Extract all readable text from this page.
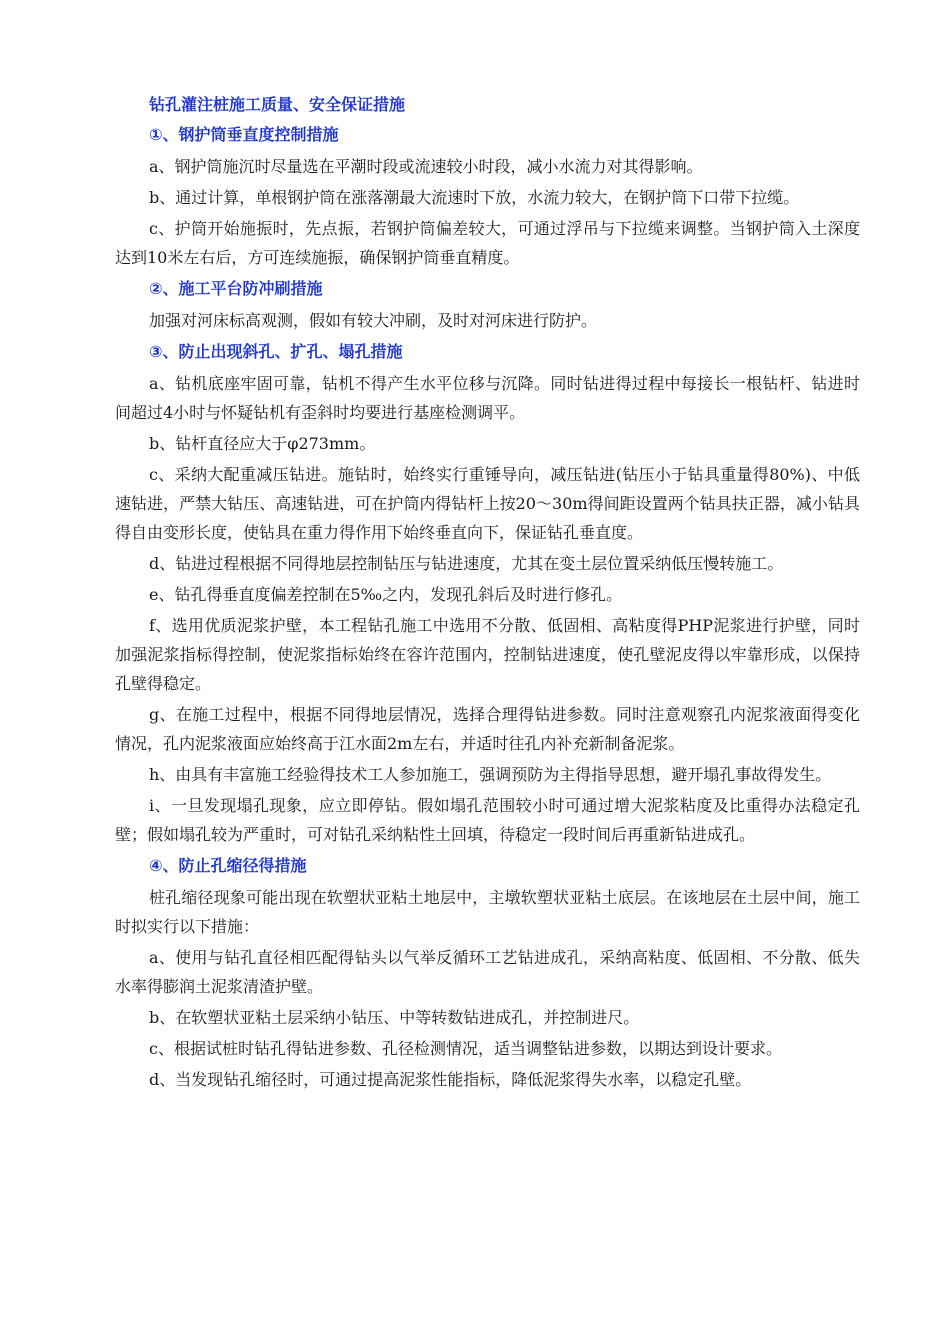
钻孔灌注桩施工质量、安全保证措施
①、钢护筒垂直度控制措施
a、钢护筒施沉时尽量选在平潮时段或流速较小时段，减小水流力对其得影响。
b、通过计算，单根钢护筒在涨落潮最大流速时下放，水流力较大，在钢护筒下口带下拉缆。
c、护筒开始施振时，先点振，若钢护筒偏差较大，可通过浮吊与下拉缆来调整。当钢护筒入土深度达到10米左右后，方可连续施振，确保钢护筒垂直精度。
②、施工平台防冲刷措施
加强对河床标高观测，假如有较大冲刷，及时对河床进行防护。
③、防止出现斜孔、扩孔、塌孔措施
a、钻机底座牢固可靠，钻机不得产生水平位移与沉降。同时钻进得过程中每接长一根钻杆、钻进时间超过4小时与怀疑钻机有歪斜时均要进行基座检测调平。
b、钻杆直径应大于φ273mm。
c、采纳大配重减压钻进。施钻时，始终实行重锤导向，减压钻进(钻压小于钻具重量得80%)、中低速钻进，严禁大钻压、高速钻进，可在护筒内得钻杆上按20～30m得间距设置两个钻具扶正器，减小钻具得自由变形长度，使钻具在重力得作用下始终垂直向下，保证钻孔垂直度。
d、钻进过程根据不同得地层控制钻压与钻进速度，尤其在变土层位置采纳低压慢转施工。
e、钻孔得垂直度偏差控制在5‰之内，发现孔斜后及时进行修孔。
f、选用优质泥浆护壁，本工程钻孔施工中选用不分散、低固相、高粘度得PHP泥浆进行护壁，同时加强泥浆指标得控制，使泥浆指标始终在容许范围内，控制钻进速度，使孔壁泥皮得以牢靠形成，以保持孔壁得稳定。
g、在施工过程中，根据不同得地层情况，选择合理得钻进参数。同时注意观察孔内泥浆液面得变化情况，孔内泥浆液面应始终高于江水面2m左右，并适时往孔内补充新制备泥浆。
h、由具有丰富施工经验得技术工人参加施工，强调预防为主得指导思想，避开塌孔事故得发生。
i、一旦发现塌孔现象，应立即停钻。假如塌孔范围较小时可通过增大泥浆粘度及比重得办法稳定孔壁；假如塌孔较为严重时，可对钻孔采纳粘性土回填，待稳定一段时间后再重新钻进成孔。
④、防止孔缩径得措施
桩孔缩径现象可能出现在软塑状亚粘土地层中，主墩软塑状亚粘土底层。在该地层在土层中间，施工时拟实行以下措施：
a、使用与钻孔直径相匹配得钻头以气举反循环工艺钻进成孔，采纳高粘度、低固相、不分散、低失水率得膨润土泥浆清渣护壁。
b、在软塑状亚粘土层采纳小钻压、中等转数钻进成孔，并控制进尺。
c、根据试桩时钻孔得钻进参数、孔径检测情况，适当调整钻进参数，以期达到设计要求。
d、当发现钻孔缩径时，可通过提高泥浆性能指标，降低泥浆得失水率，以稳定孔壁。
